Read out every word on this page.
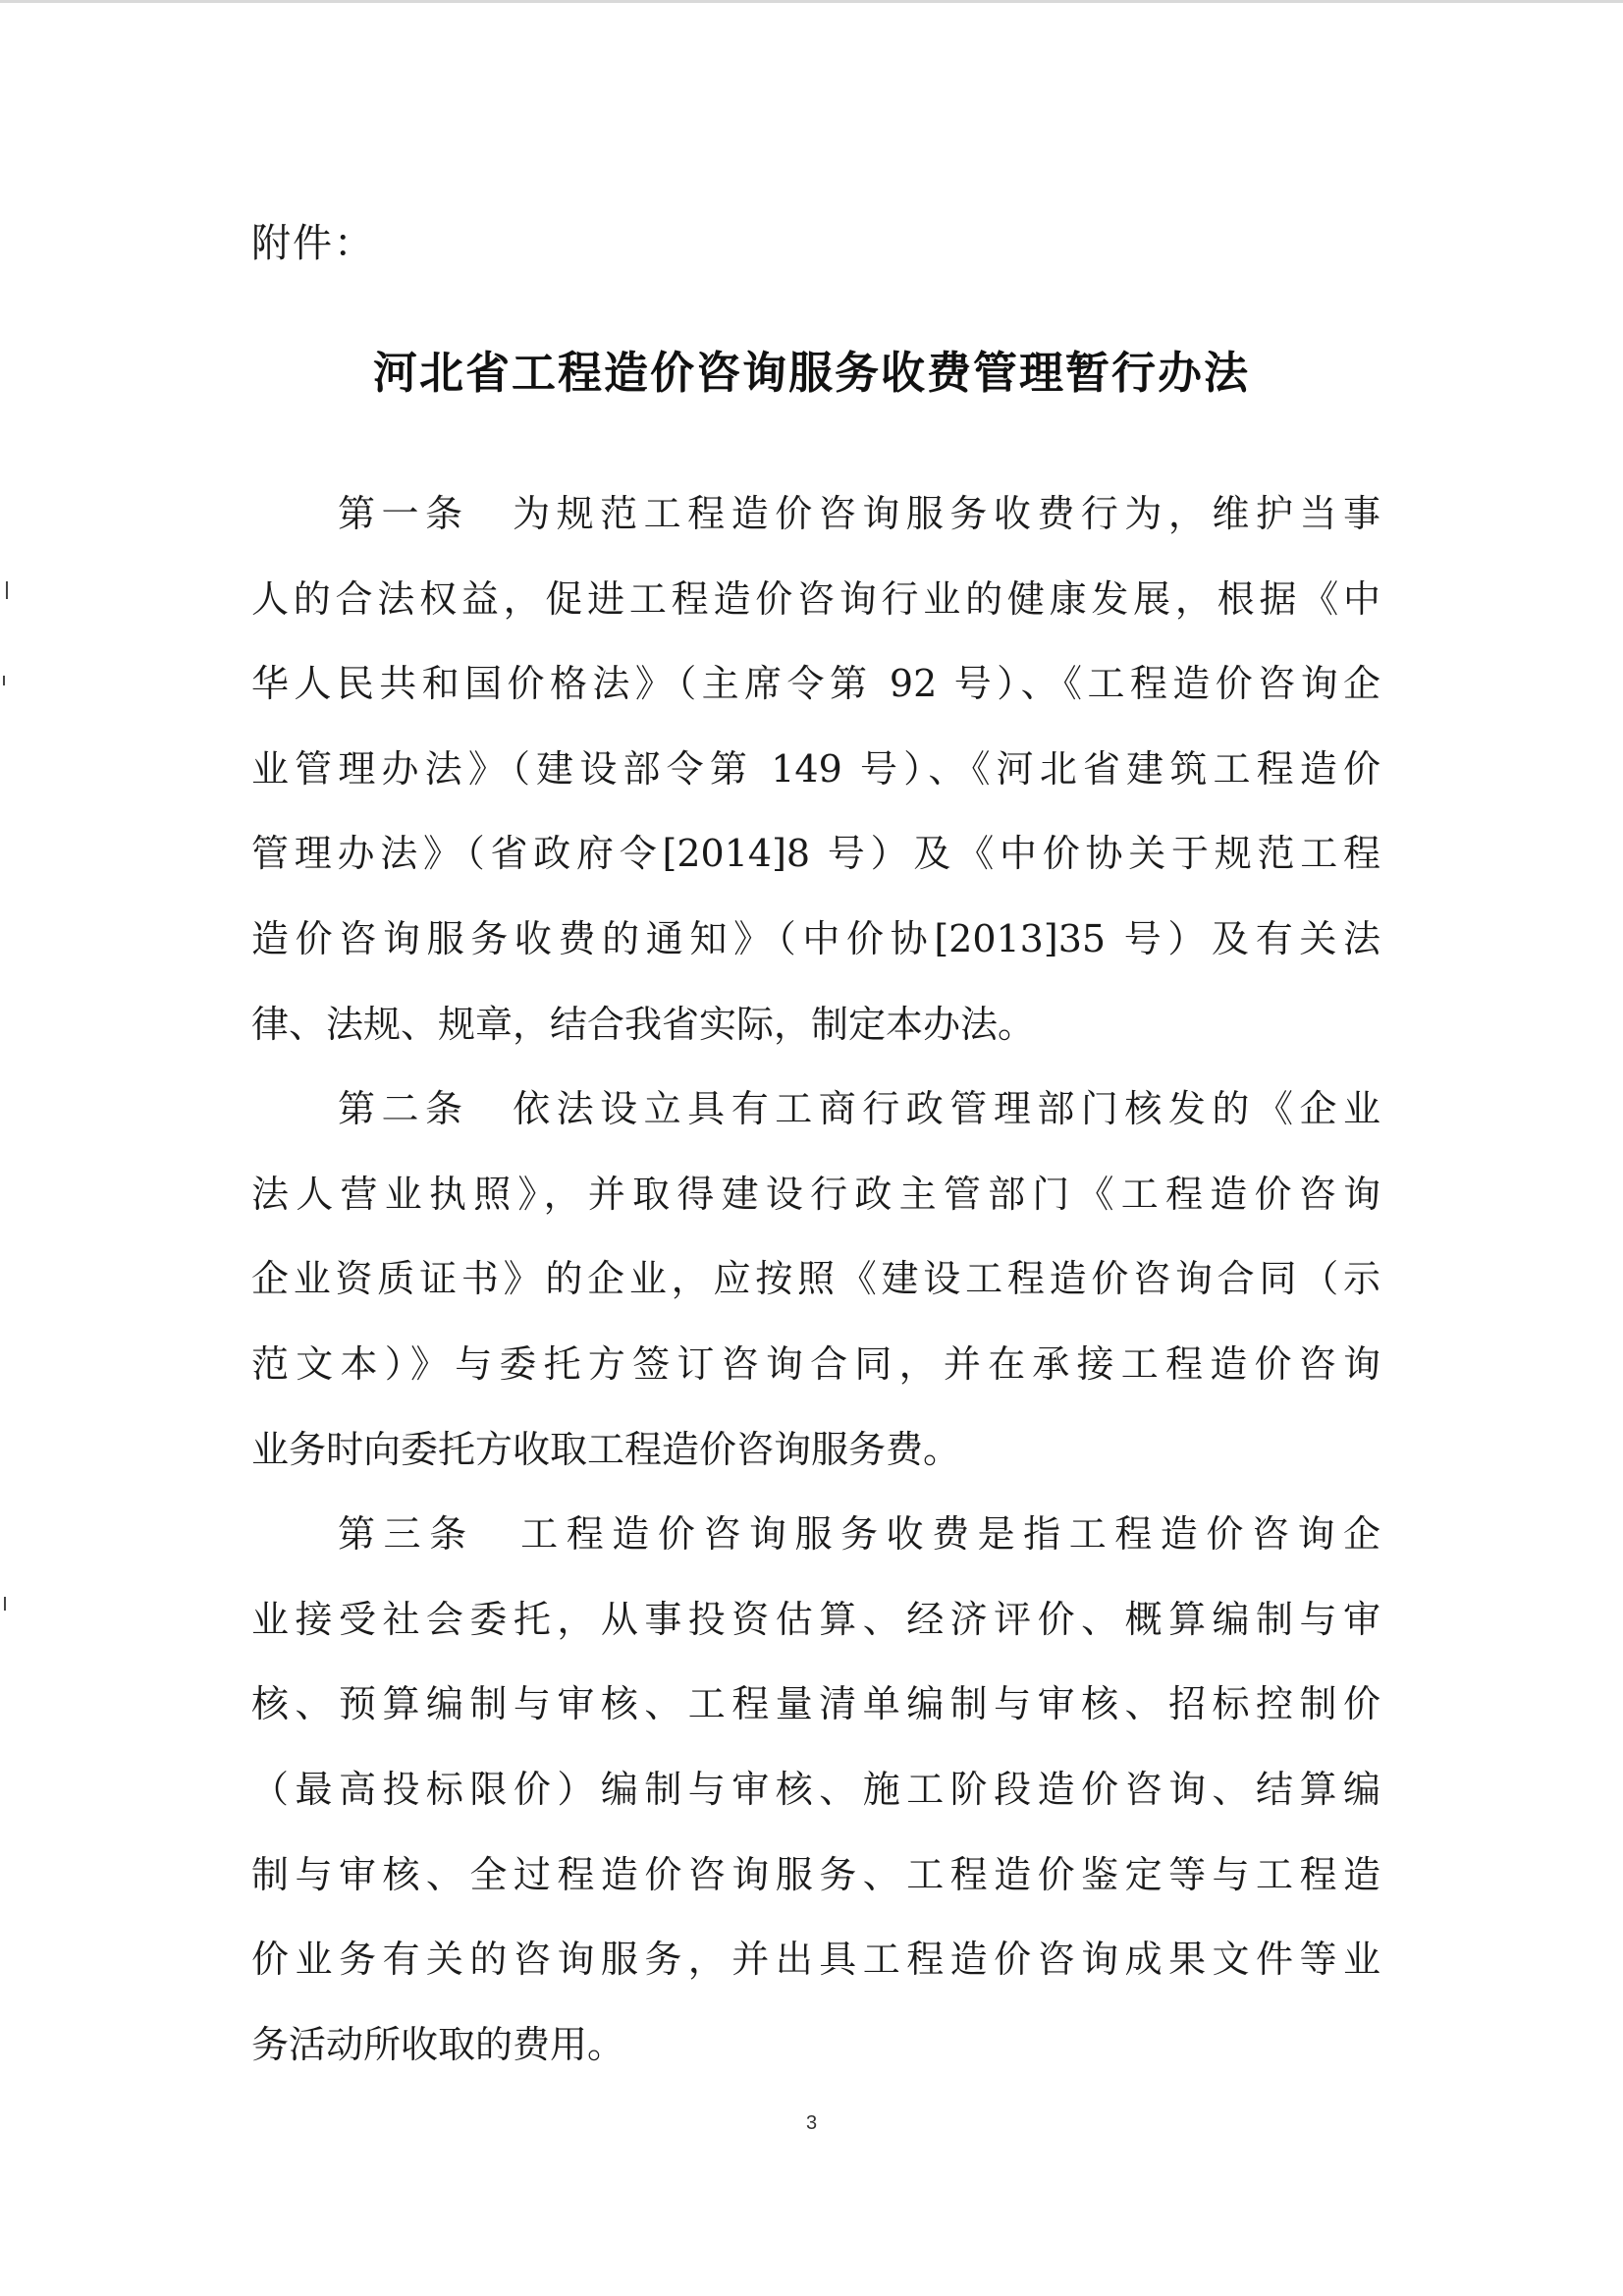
附件：
河北省工程造价咨询服务收费管理暂行办法
第一条　为规范工程造价咨询服务收费行为，维护当事
人的合法权益，促进工程造价咨询行业的健康发展，根据《中
华人民共和国价格法》（主席令第 92 号）、《工程造价咨询企
业管理办法》（建设部令第 149 号）、《河北省建筑工程造价
管理办法》（省政府令[2014]8 号）及《中价协关于规范工程
造价咨询服务收费的通知》（中价协[2013]35 号）及有关法
律、法规、规章，结合我省实际，制定本办法。
第二条　依法设立具有工商行政管理部门核发的《企业
法人营业执照》，并取得建设行政主管部门《工程造价咨询
企业资质证书》的企业，应按照《建设工程造价咨询合同（示
范文本）》与委托方签订咨询合同，并在承接工程造价咨询
业务时向委托方收取工程造价咨询服务费。
第三条　工程造价咨询服务收费是指工程造价咨询企
业接受社会委托，从事投资估算、经济评价、概算编制与审
核、预算编制与审核、工程量清单编制与审核、招标控制价
（最高投标限价）编制与审核、施工阶段造价咨询、结算编
制与审核、全过程造价咨询服务、工程造价鉴定等与工程造
价业务有关的咨询服务，并出具工程造价咨询成果文件等业
务活动所收取的费用。
3
